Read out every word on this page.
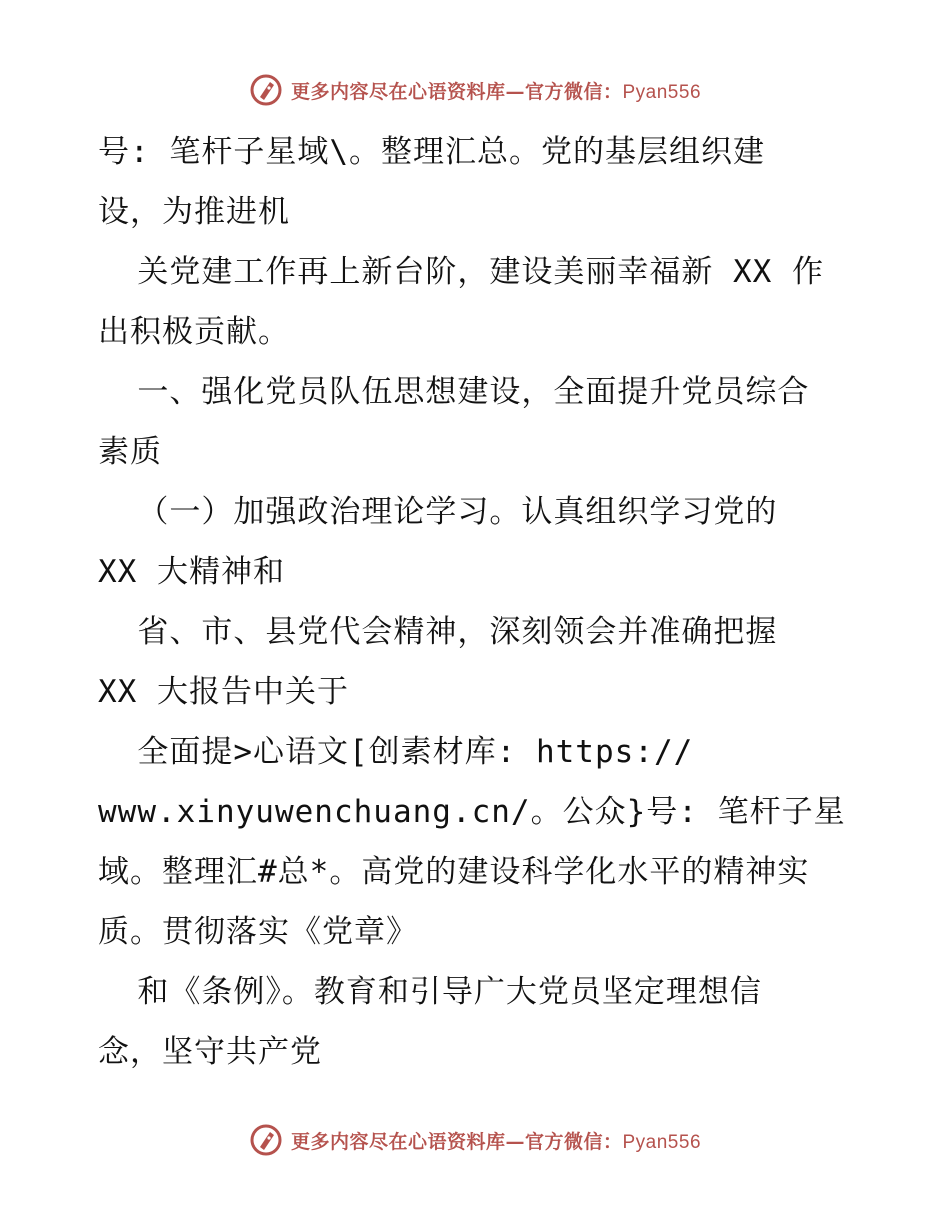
更多内容尽在心语资料库—官方微信：Pyan556
号: 笔杆子星域\。整理汇总。党的基层组织建
设，为推进机
关党建工作再上新台阶，建设美丽幸福新 XX 作
出积极贡献。
一、强化党员队伍思想建设，全面提升党员综合
素质
（一）加强政治理论学习。认真组织学习党的
XX 大精神和
省、市、县党代会精神，深刻领会并准确把握
XX 大报告中关于
全面提>心语文[创素材库: https://
www.xinyuwenchuang.cn/。公众}号: 笔杆子星
域。整理汇#总*。高党的建设科学化水平的精神实
质。贯彻落实《党章》
和《条例》。教育和引导广大党员坚定理想信
念，坚守共产党
更多内容尽在心语资料库—官方微信：Pyan556
